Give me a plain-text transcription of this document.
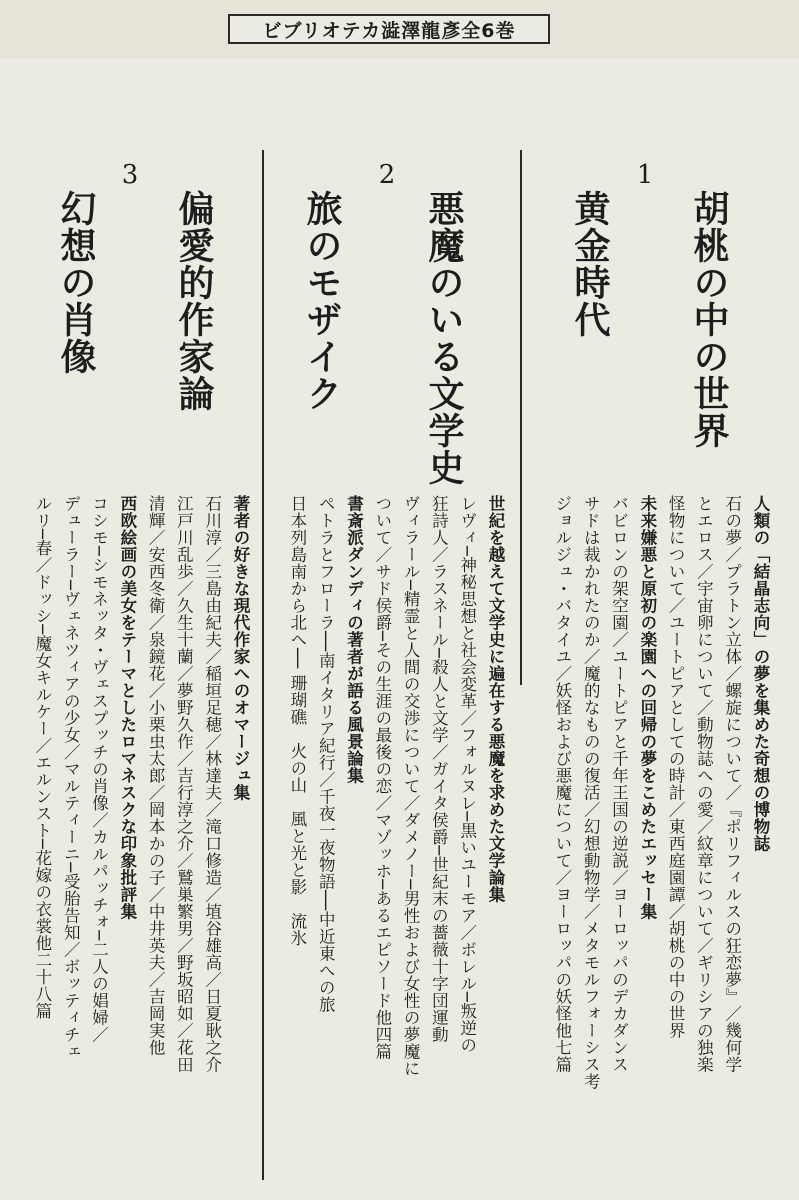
ビブリオテカ澁澤龍彥全6巻
1
胡桃の中の世界
黄金時代
2
悪魔のいる文学史
旅のモザイク
3
偏愛的作家論
幻想の肖像
人類の「結晶志向」の夢を集めた奇想の博物誌
石の夢／プラトン立体／螺旋について／『ポリフィルスの狂恋夢』／幾何学
とエロス／宇宙卵について／動物誌への愛／紋章について／ギリシアの独楽
怪物について／ユートピアとしての時計／東西庭園譚／胡桃の中の世界
未来嫌悪と原初の楽園への回帰の夢をこめたエッセー集
バビロンの架空園／ユートピアと千年王国の逆説／ヨーロッパのデカダンス
サドは裁かれたのか／魔的なものの復活／幻想動物学／メタモルフォーシス考
ジョルジュ・バタイユ／妖怪および悪魔について／ヨーロッパの妖怪他七篇
世紀を越えて文学史に遍在する悪魔を求めた文学論集
レヴィ─神秘思想と社会変革／フォルヌレ─黒いユーモア／ボレル─叛逆の
狂詩人／ラスネール─殺人と文学／ガイタ侯爵─世紀末の薔薇十字団運動
ヴィラール─精霊と人間の交渉について／ダメノー─男性および女性の夢魔に
ついて／サド侯爵─その生涯の最後の恋／マゾッホ─あるエピソード他四篇
書斎派ダンディの著者が語る風景論集
ペトラとフローラ──南イタリア紀行／千夜一夜物語──中近東への旅
日本列島南から北へ── 珊瑚礁　火の山　風と光と影　流氷
著者の好きな現代作家へのオマージュ集
石川淳／三島由紀夫／稲垣足穂／林達夫／滝口修造／埴谷雄高／日夏耿之介
江戸川乱歩／久生十蘭／夢野久作／吉行淳之介／鷲巣繁男／野坂昭如／花田
清輝／安西冬衛／泉鏡花／小栗虫太郎／岡本かの子／中井英夫／吉岡実他
西欧絵画の美女をテーマとしたロマネスクな印象批評集
コシモ─シモネッタ・ヴェスプッチの肖像／カルパッチォ─二人の娼婦／
デューラー─ヴェネツィアの少女／マルティーニ─受胎告知／ボッティチェ
ルリ─春／ドッシ─魔女キルケー／エルンスト─花嫁の衣裳他二十八篇
